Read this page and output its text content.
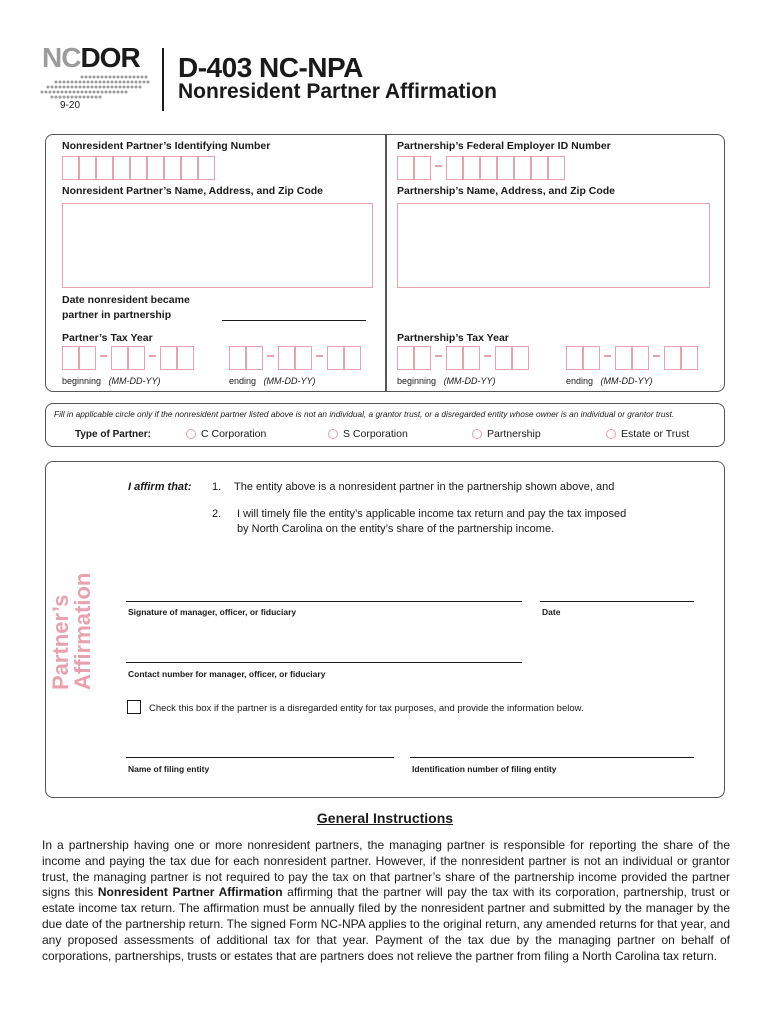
NCDOR
9-20
D-403 NC-NPA
Nonresident Partner Affirmation
Nonresident Partner’s Identifying Number	Partnership’s Federal Employer ID Number
Nonresident Partner’s Name, Address, and Zip Code	Partnership’s Name, Address, and Zip Code
Date nonresident became
partner in partnership
Partner’s Tax Year	Partnership’s Tax Year
beginning (MM-DD-YY)	ending (MM-DD-YY)	beginning (MM-DD-YY)	ending (MM-DD-YY)
Fill in applicable circle only if the nonresident partner listed above is not an individual, a grantor trust, or a disregarded entity whose owner is an individual or grantor trust.
Type of Partner:	C Corporation	S Corporation	Partnership	Estate or Trust
Partner’s
Affirmation
I affirm that: 1. The entity above is a nonresident partner in the partnership shown above, and
2. I will timely file the entity’s applicable income tax return and pay the tax imposed
by North Carolina on the entity’s share of the partnership income.
Signature of manager, officer, or fiduciary	Date
Contact number for manager, officer, or fiduciary
Check this box if the partner is a disregarded entity for tax purposes, and provide the information below.
Name of filing entity	Identification number of filing entity
General Instructions
In a partnership having one or more nonresident partners, the managing partner is responsible for reporting the share of the income and paying the tax due for each nonresident partner. However, if the nonresident partner is not an individual or grantor trust, the managing partner is not required to pay the tax on that partner’s share of the partnership income provided the partner signs this Nonresident Partner Affirmation affirming that the partner will pay the tax with its corporation, partnership, trust or estate income tax return. The affirmation must be annually filed by the nonresident partner and submitted by the manager by the due date of the partnership return. The signed Form NC-NPA applies to the original return, any amended returns for that year, and any proposed assessments of additional tax for that year. Payment of the tax due by the managing partner on behalf of corporations, partnerships, trusts or estates that are partners does not relieve the partner from filing a North Carolina tax return.
